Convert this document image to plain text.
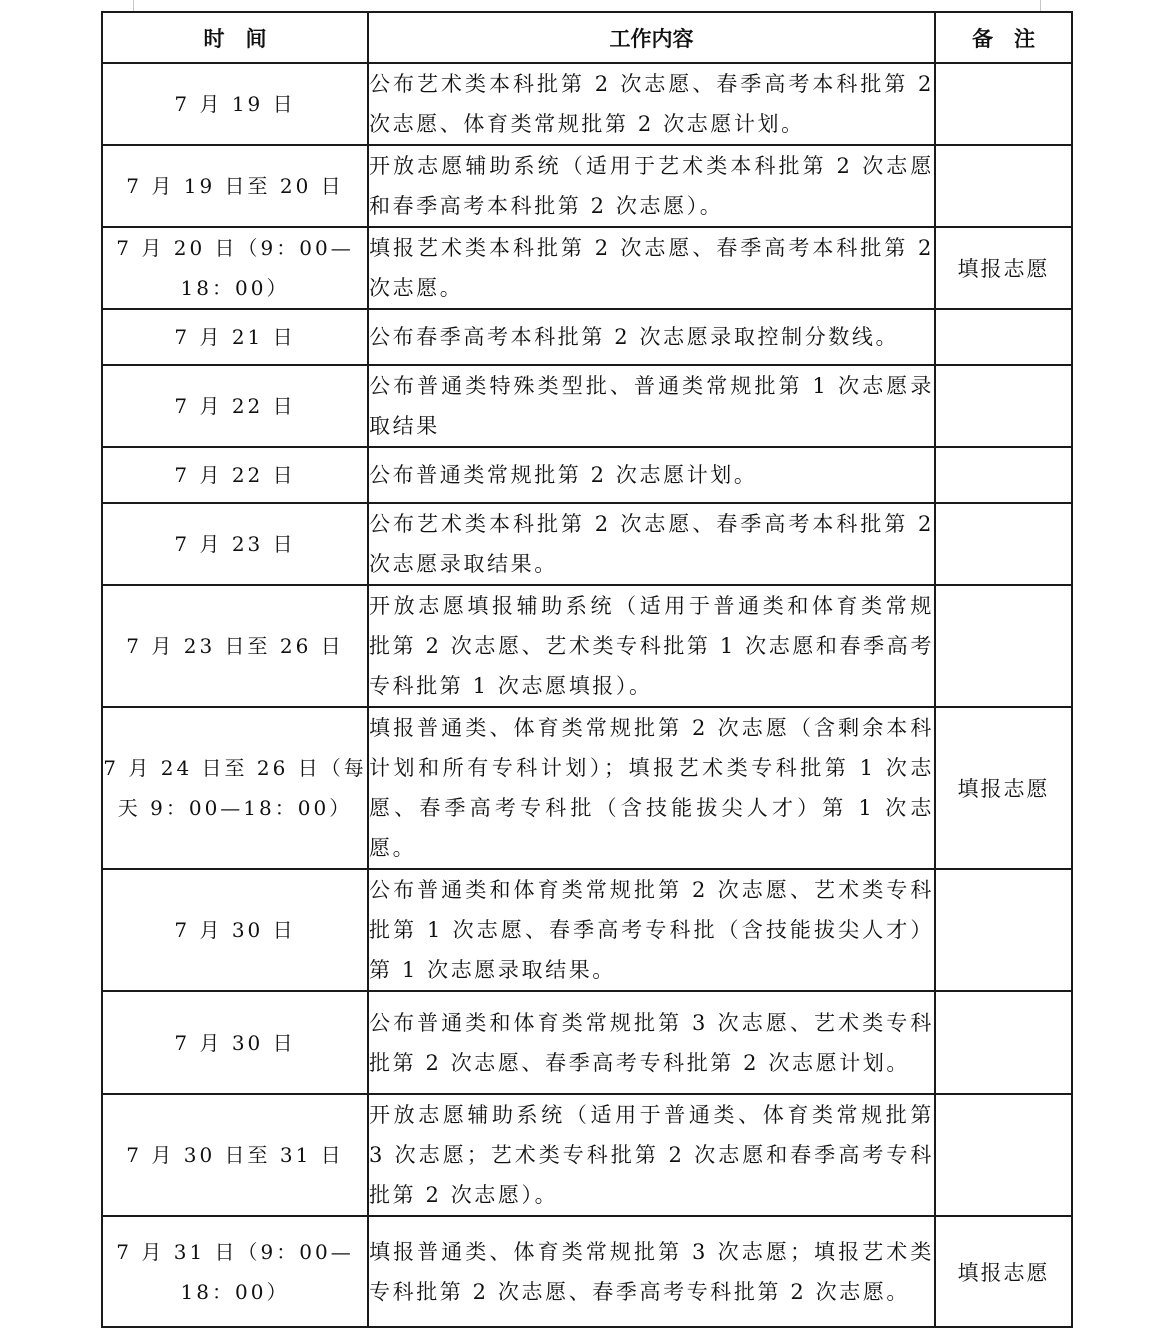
时　间	工作内容	备　注
7 月 19 日	公布艺术类本科批第 2 次志愿、春季高考本科批第 2 次志愿、体育类常规批第 2 次志愿计划。	
7 月 19 日至 20 日	开放志愿辅助系统（适用于艺术类本科批第 2 次志愿和春季高考本科批第 2 次志愿）。	
7 月 20 日（9：00—18：00）	填报艺术类本科批第 2 次志愿、春季高考本科批第 2 次志愿。	填报志愿
7 月 21 日	公布春季高考本科批第 2 次志愿录取控制分数线。	
7 月 22 日	公布普通类特殊类型批、普通类常规批第 1 次志愿录取结果	
7 月 22 日	公布普通类常规批第 2 次志愿计划。	
7 月 23 日	公布艺术类本科批第 2 次志愿、春季高考本科批第 2 次志愿录取结果。	
7 月 23 日至 26 日	开放志愿填报辅助系统（适用于普通类和体育类常规批第 2 次志愿、艺术类专科批第 1 次志愿和春季高考专科批第 1 次志愿填报）。	
7 月 24 日至 26 日（每天 9：00—18：00）	填报普通类、体育类常规批第 2 次志愿（含剩余本科计划和所有专科计划）；填报艺术类专科批第 1 次志愿、春季高考专科批（含技能拔尖人才）第 1 次志愿。	填报志愿
7 月 30 日	公布普通类和体育类常规批第 2 次志愿、艺术类专科批第 1 次志愿、春季高考专科批（含技能拔尖人才）第 1 次志愿录取结果。	
7 月 30 日	公布普通类和体育类常规批第 3 次志愿、艺术类专科批第 2 次志愿、春季高考专科批第 2 次志愿计划。	
7 月 30 日至 31 日	开放志愿辅助系统（适用于普通类、体育类常规批第 3 次志愿；艺术类专科批第 2 次志愿和春季高考专科批第 2 次志愿）。	
7 月 31 日（9：00—18：00）	填报普通类、体育类常规批第 3 次志愿；填报艺术类专科批第 2 次志愿、春季高考专科批第 2 次志愿。	填报志愿
